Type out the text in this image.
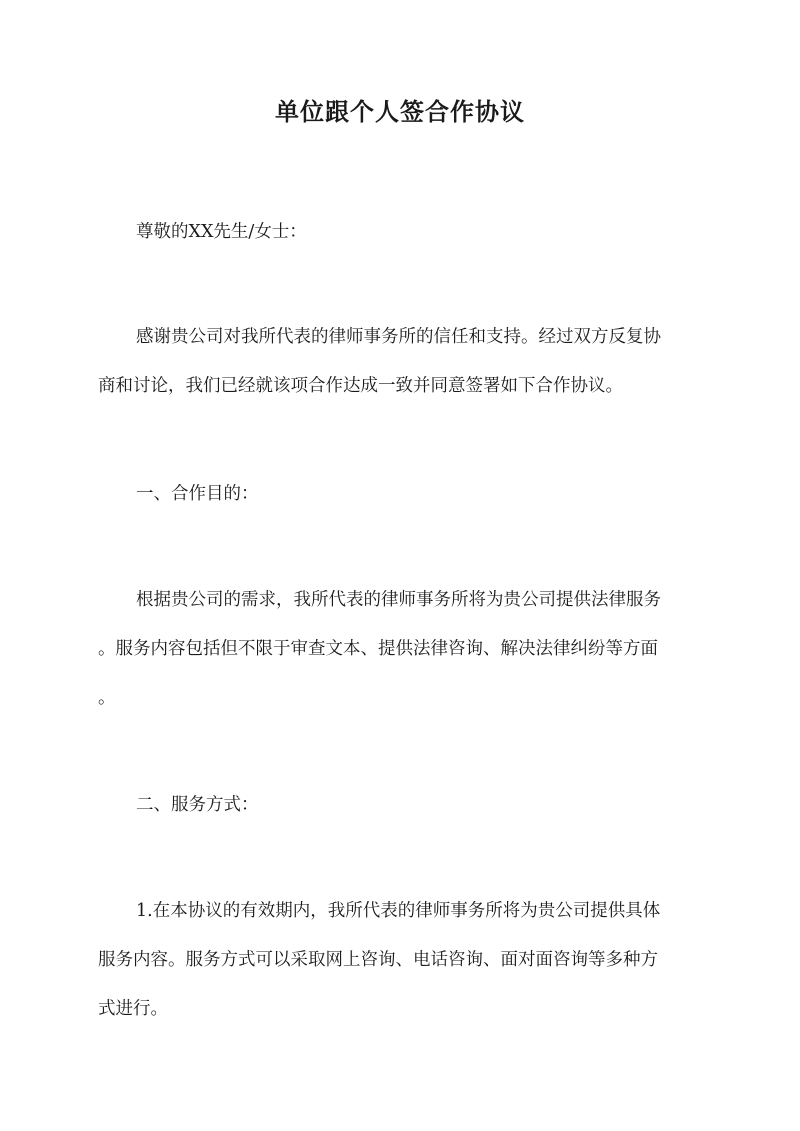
单位跟个人签合作协议
尊敬的XX先生/女士：
感谢贵公司对我所代表的律师事务所的信任和支持。经过双方反复协
商和讨论，我们已经就该项合作达成一致并同意签署如下合作协议。
一、合作目的：
根据贵公司的需求，我所代表的律师事务所将为贵公司提供法律服务
。服务内容包括但不限于审查文本、提供法律咨询、解决法律纠纷等方面
。
二、服务方式：
1.在本协议的有效期内，我所代表的律师事务所将为贵公司提供具体
服务内容。服务方式可以采取网上咨询、电话咨询、面对面咨询等多种方
式进行。
